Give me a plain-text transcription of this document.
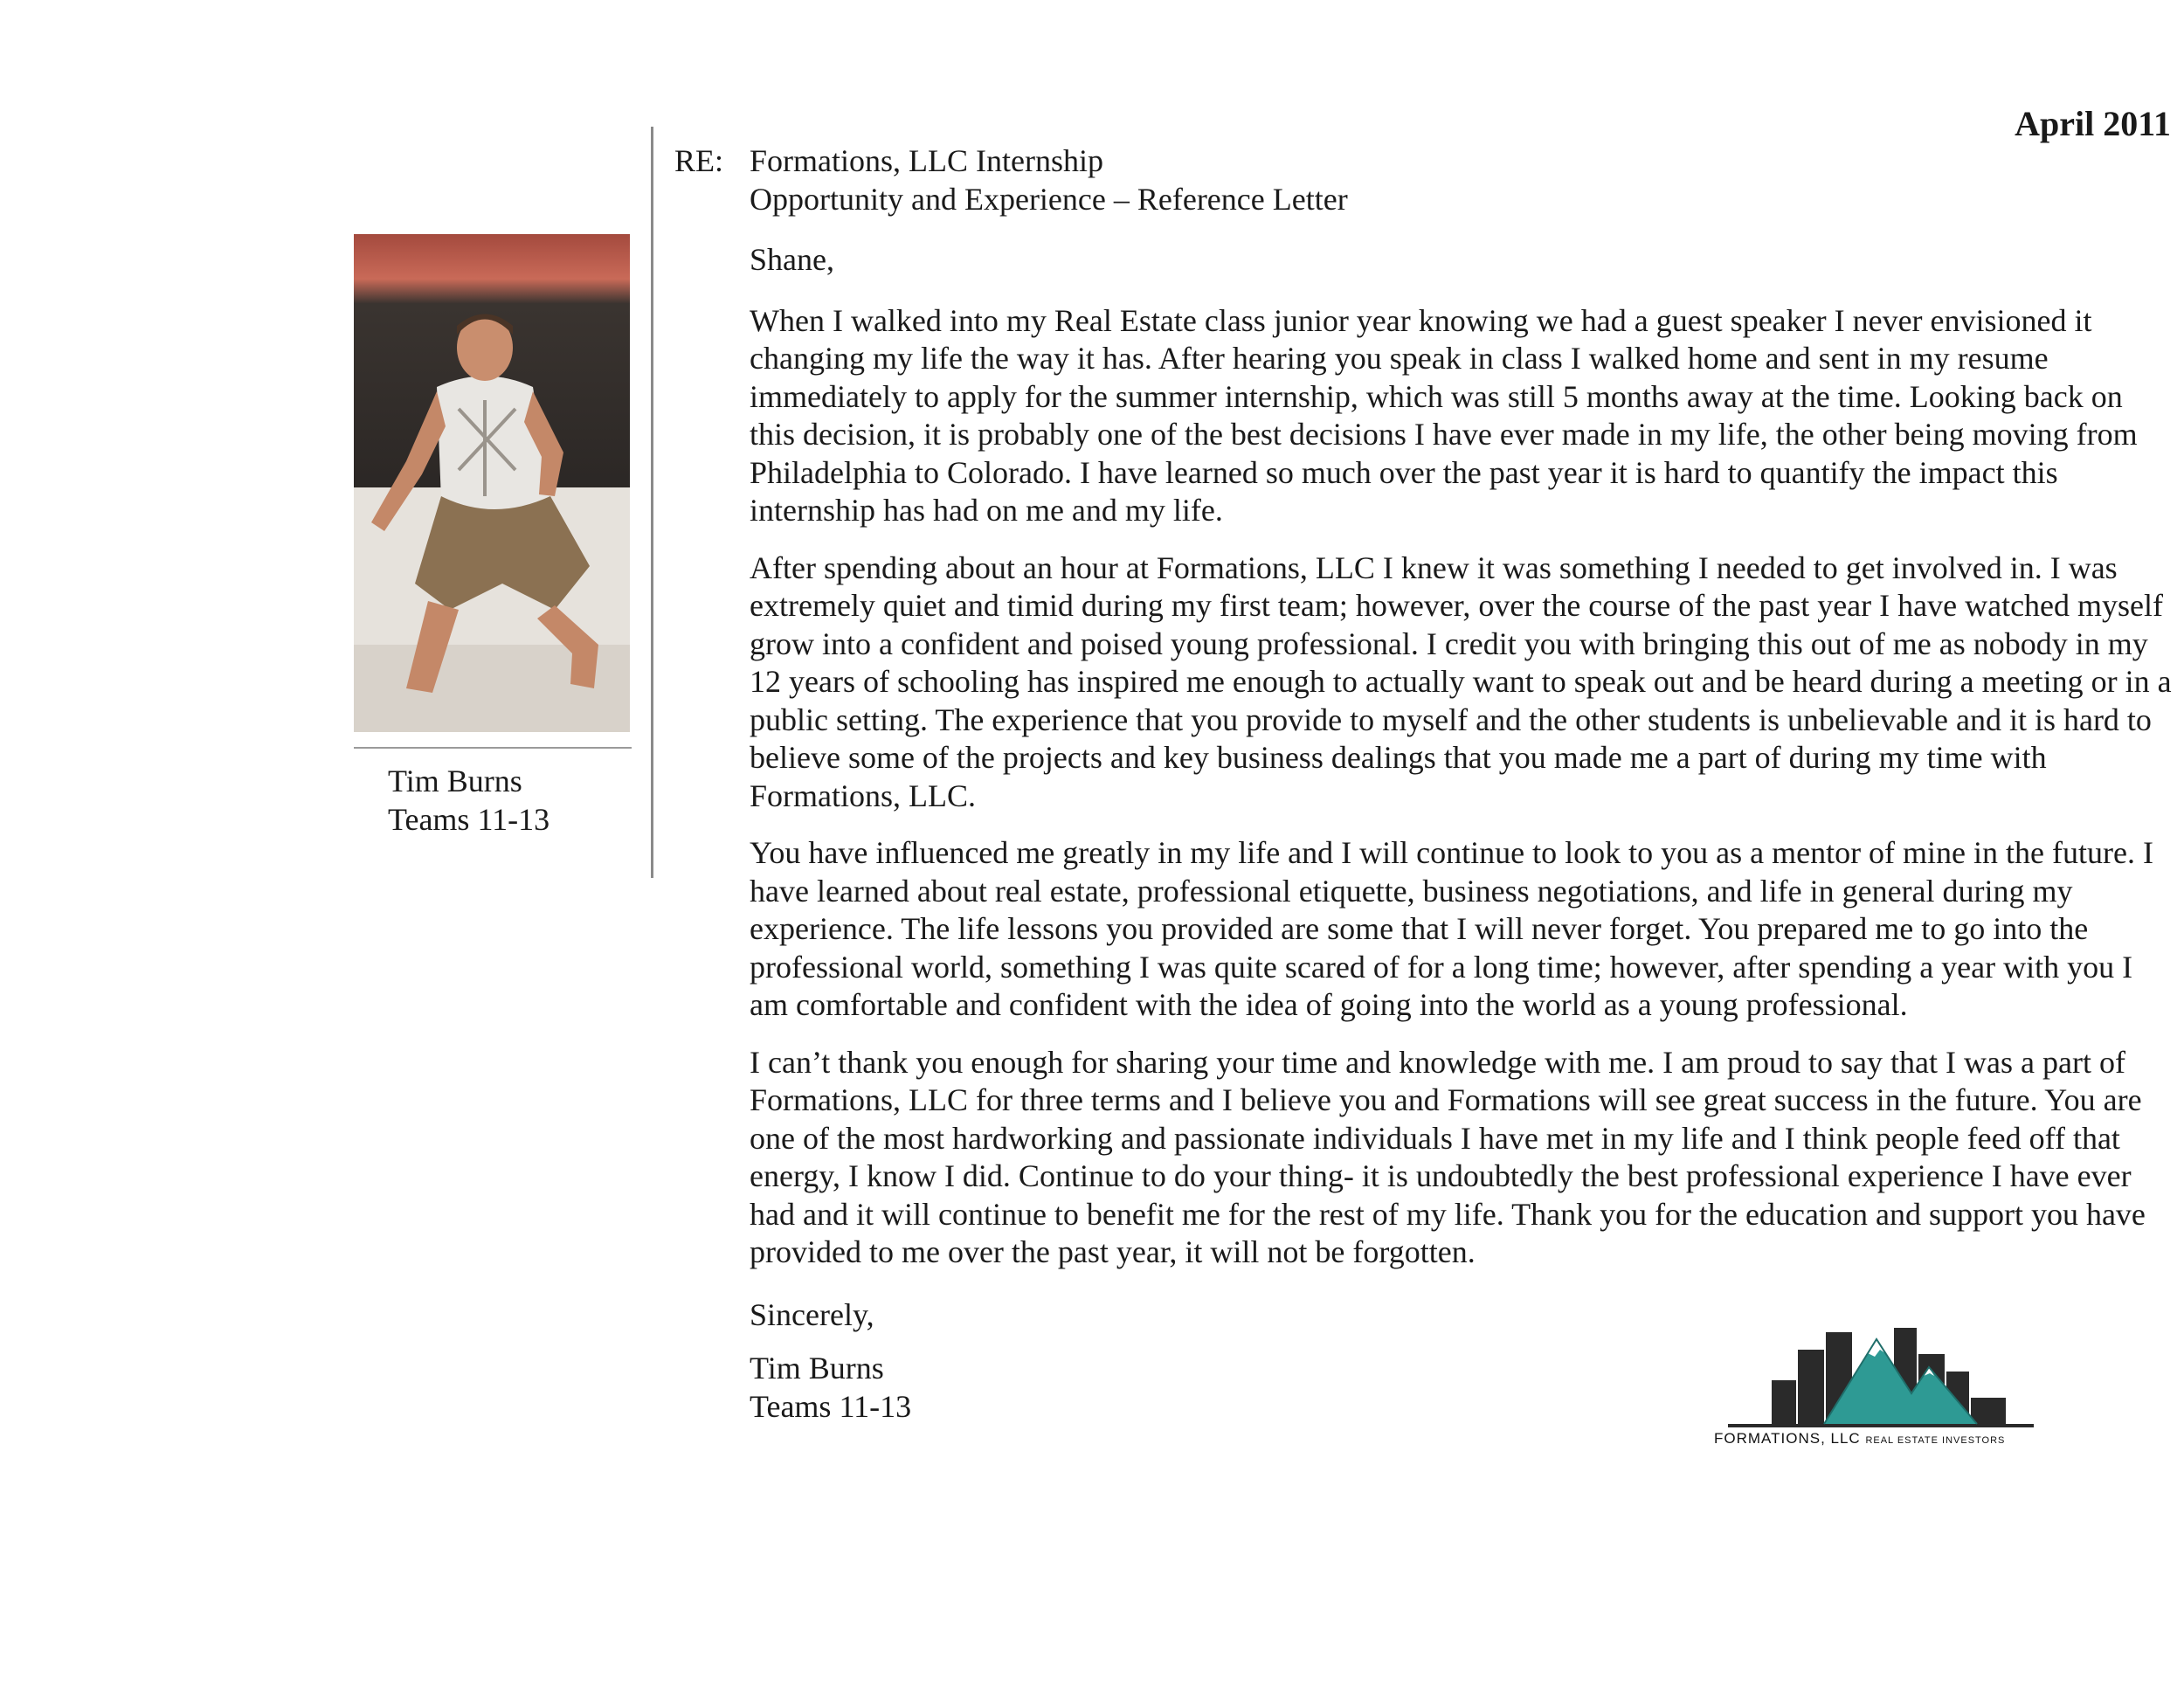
April 2011
Tim Burns
Teams 11-13
RE: Formations, LLC Internship
Opportunity and Experience – Reference Letter

Shane,

When I walked into my Real Estate class junior year knowing we had a guest speaker I never envisioned it changing my life the way it has. After hearing you speak in class I walked home and sent in my resume immediately to apply for the summer internship, which was still 5 months away at the time. Looking back on this decision, it is probably one of the best decisions I have ever made in my life, the other being moving from Philadelphia to Colorado. I have learned so much over the past year it is hard to quantify the impact this internship has had on me and my life.

After spending about an hour at Formations, LLC I knew it was something I needed to get involved in. I was extremely quiet and timid during my first team; however, over the course of the past year I have watched myself grow into a confident and poised young professional. I credit you with bringing this out of me as nobody in my 12 years of schooling has inspired me enough to actually want to speak out and be heard during a meeting or in a public setting. The experience that you provide to myself and the other students is unbelievable and it is hard to believe some of the projects and key business dealings that you made me a part of during my time with Formations, LLC.

You have influenced me greatly in my life and I will continue to look to you as a mentor of mine in the future. I have learned about real estate, professional etiquette, business negotiations, and life in general during my experience. The life lessons you provided are some that I will never forget. You prepared me to go into the professional world, something I was quite scared of for a long time; however, after spending a year with you I am comfortable and confident with the idea of going into the world as a young professional.

I can’t thank you enough for sharing your time and knowledge with me. I am proud to say that I was a part of Formations, LLC for three terms and I believe you and Formations will see great success in the future. You are one of the most hardworking and passionate individuals I have met in my life and I think people feed off that energy, I know I did. Continue to do your thing- it is undoubtedly the best professional experience I have ever had and it will continue to benefit me for the rest of my life. Thank you for the education and support you have provided to me over the past year, it will not be forgotten.

Sincerely,

Tim Burns
Teams 11-13

FORMATIONS, LLC REAL ESTATE INVESTORS
